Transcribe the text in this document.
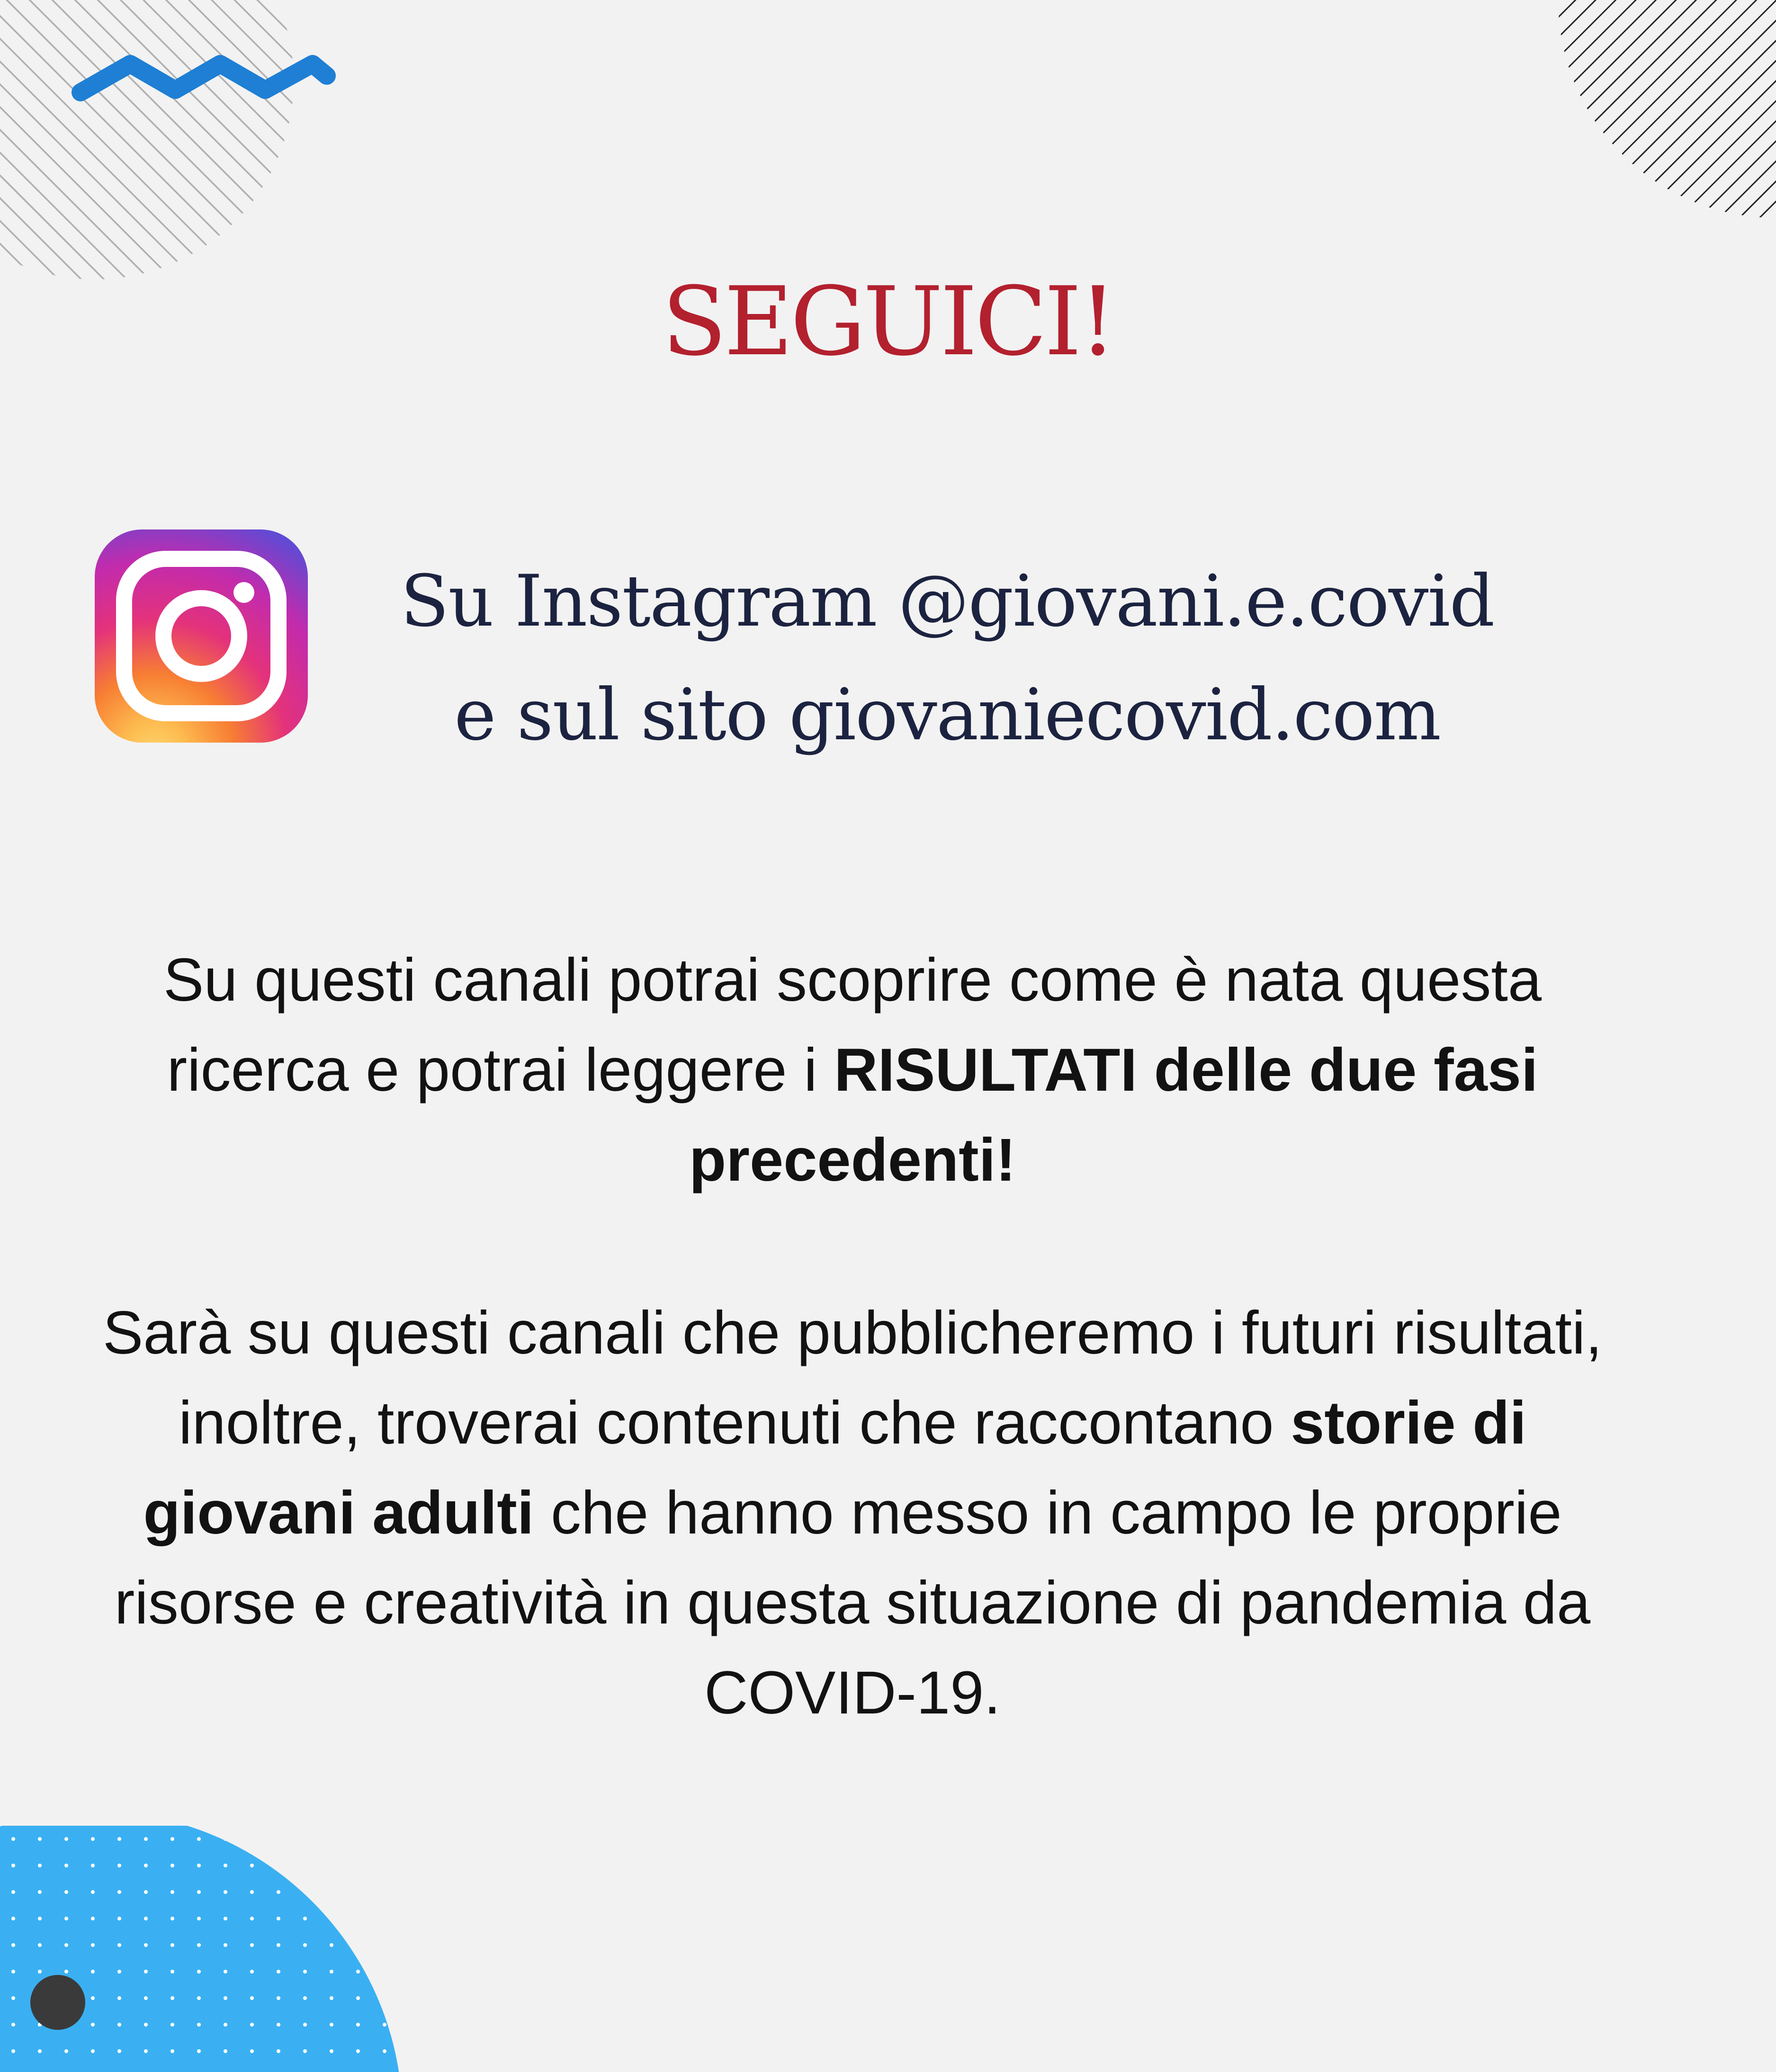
SEGUICI!
Su Instagram @giovani.e.covid
e sul sito giovaniecovid.com
Su questi canali potrai scoprire come è nata questa
ricerca e potrai leggere i RISULTATI delle due fasi
precedenti!
Sarà su questi canali che pubblicheremo i futuri risultati,
inoltre, troverai contenuti che raccontano storie di
giovani adulti che hanno messo in campo le proprie
risorse e creatività in questa situazione di pandemia da
COVID-19.
